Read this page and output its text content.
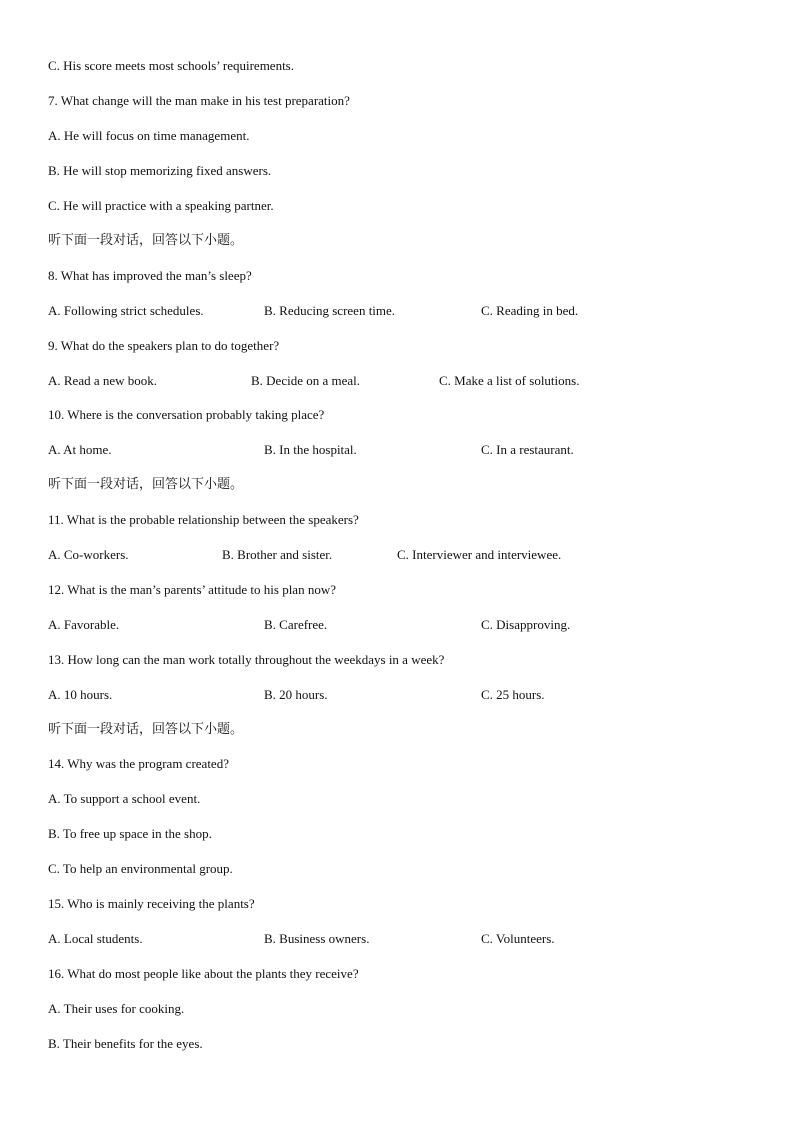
C. His score meets most schools’ requirements.
7. What change will the man make in his test preparation?
A. He will focus on time management.
B. He will stop memorizing fixed answers.
C. He will practice with a speaking partner.
听下面一段对话，回答以下小题。
8. What has improved the man’s sleep?
A. Following strict schedules.	B. Reducing screen time.	C. Reading in bed.
9. What do the speakers plan to do together?
A. Read a new book.	B. Decide on a meal.	C. Make a list of solutions.
10. Where is the conversation probably taking place?
A. At home.	B. In the hospital.	C. In a restaurant.
听下面一段对话，回答以下小题。
11. What is the probable relationship between the speakers?
A. Co-workers.	B. Brother and sister.	C. Interviewer and interviewee.
12. What is the man’s parents’ attitude to his plan now?
A. Favorable.	B. Carefree.	C. Disapproving.
13. How long can the man work totally throughout the weekdays in a week?
A. 10 hours.	B. 20 hours.	C. 25 hours.
听下面一段对话，回答以下小题。
14. Why was the program created?
A. To support a school event.
B. To free up space in the shop.
C. To help an environmental group.
15. Who is mainly receiving the plants?
A. Local students.	B. Business owners.	C. Volunteers.
16. What do most people like about the plants they receive?
A. Their uses for cooking.
B. Their benefits for the eyes.
